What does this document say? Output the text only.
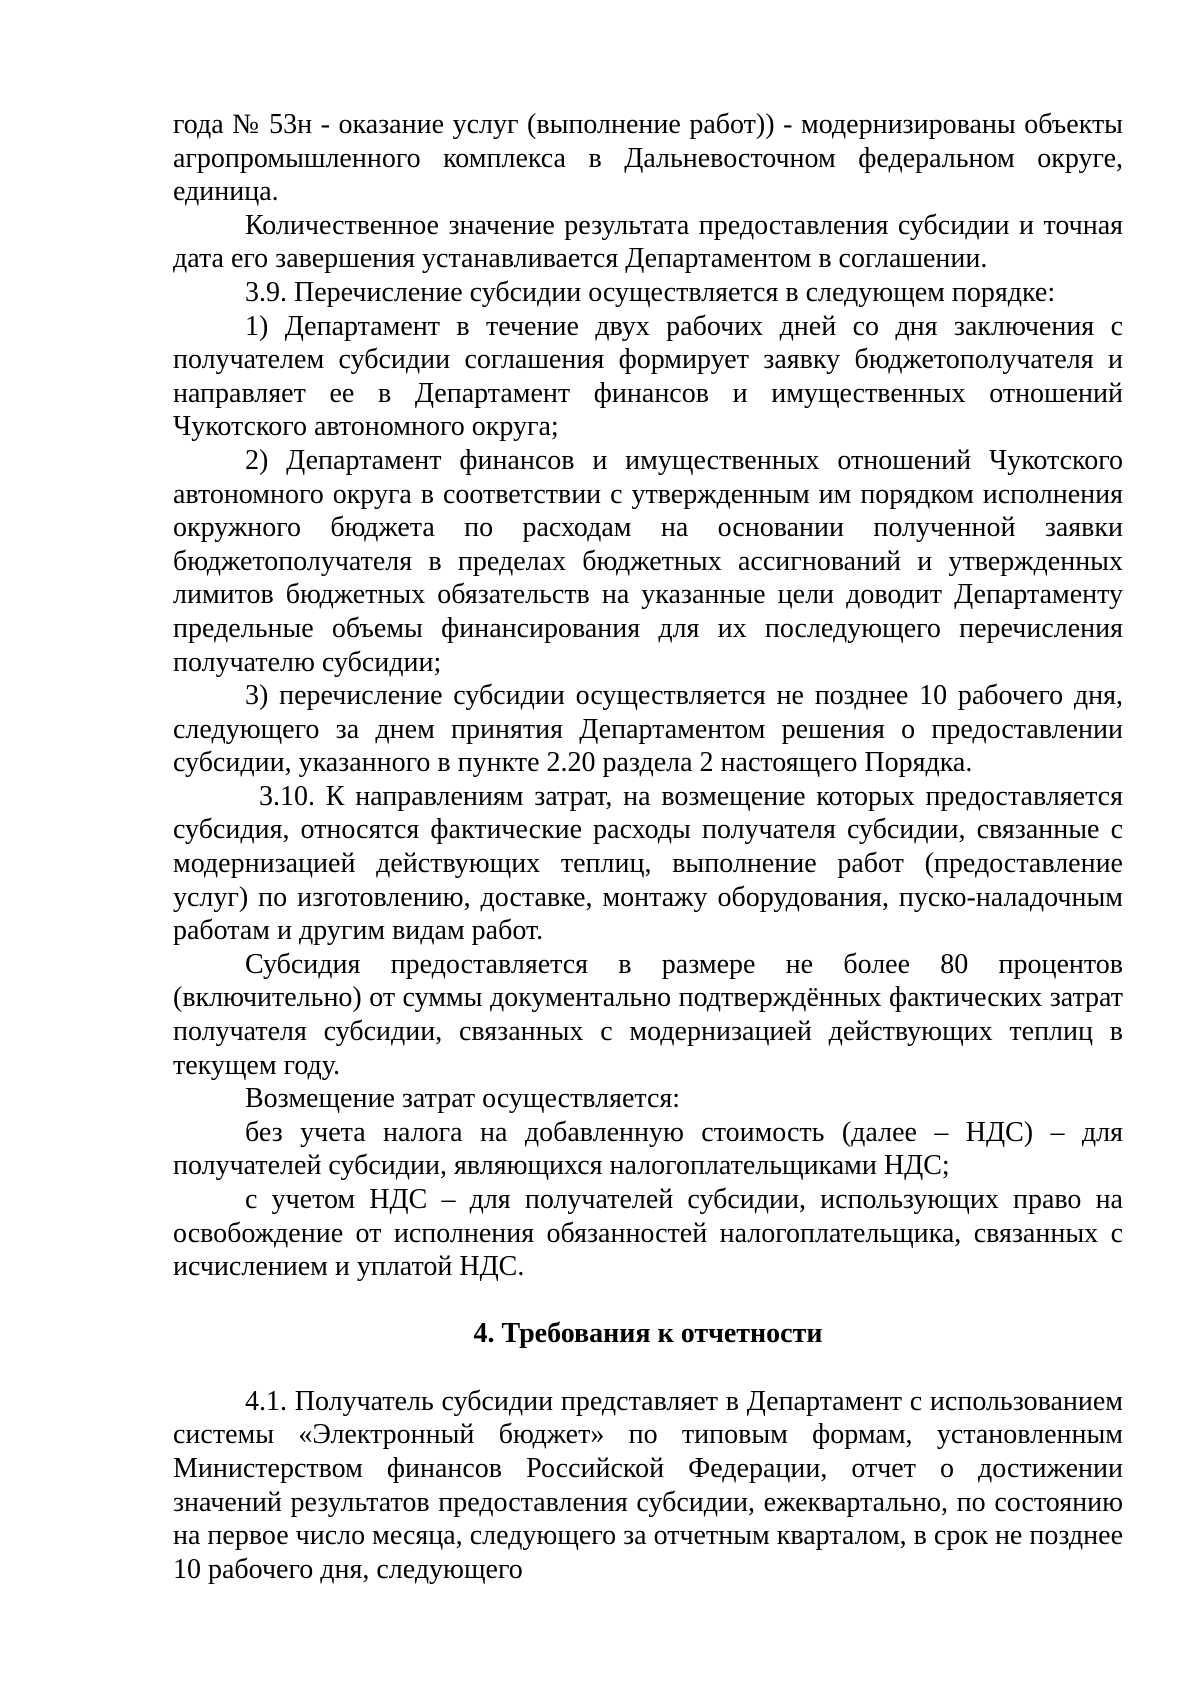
года № 53н - оказание услуг (выполнение работ)) - модернизированы объекты агропромышленного комплекса в Дальневосточном федеральном округе, единица.

Количественное значение результата предоставления субсидии и точная дата его завершения устанавливается Департаментом в соглашении.

3.9. Перечисление субсидии осуществляется в следующем порядке:

1) Департамент в течение двух рабочих дней со дня заключения с получателем субсидии соглашения формирует заявку бюджетополучателя и направляет ее в Департамент финансов и имущественных отношений Чукотского автономного округа;

2) Департамент финансов и имущественных отношений Чукотского автономного округа в соответствии с утвержденным им порядком исполнения окружного бюджета по расходам на основании полученной заявки бюджетополучателя в пределах бюджетных ассигнований и утвержденных лимитов бюджетных обязательств на указанные цели доводит Департаменту предельные объемы финансирования для их последующего перечисления получателю субсидии;

3) перечисление субсидии осуществляется не позднее 10 рабочего дня, следующего за днем принятия Департаментом решения о предоставлении субсидии, указанного в пункте 2.20 раздела 2 настоящего Порядка.

3.10. К направлениям затрат, на возмещение которых предоставляется субсидия, относятся фактические расходы получателя субсидии, связанные с модернизацией действующих теплиц, выполнение работ (предоставление услуг) по изготовлению, доставке, монтажу оборудования, пуско-наладочным работам и другим видам работ.

Субсидия предоставляется в размере не более 80 процентов (включительно) от суммы документально подтверждённых фактических затрат получателя субсидии, связанных с модернизацией действующих теплиц в текущем году.

Возмещение затрат осуществляется:

без учета налога на добавленную стоимость (далее – НДС) – для получателей субсидии, являющихся налогоплательщиками НДС;

с учетом НДС – для получателей субсидии, использующих право на освобождение от исполнения обязанностей налогоплательщика, связанных с исчислением и уплатой НДС.

4. Требования к отчетности

4.1. Получатель субсидии представляет в Департамент с использованием системы «Электронный бюджет» по типовым формам, установленным Министерством финансов Российской Федерации, отчет о достижении значений результатов предоставления субсидии, ежеквартально, по состоянию на первое число месяца, следующего за отчетным кварталом, в срок не позднее 10 рабочего дня, следующего
